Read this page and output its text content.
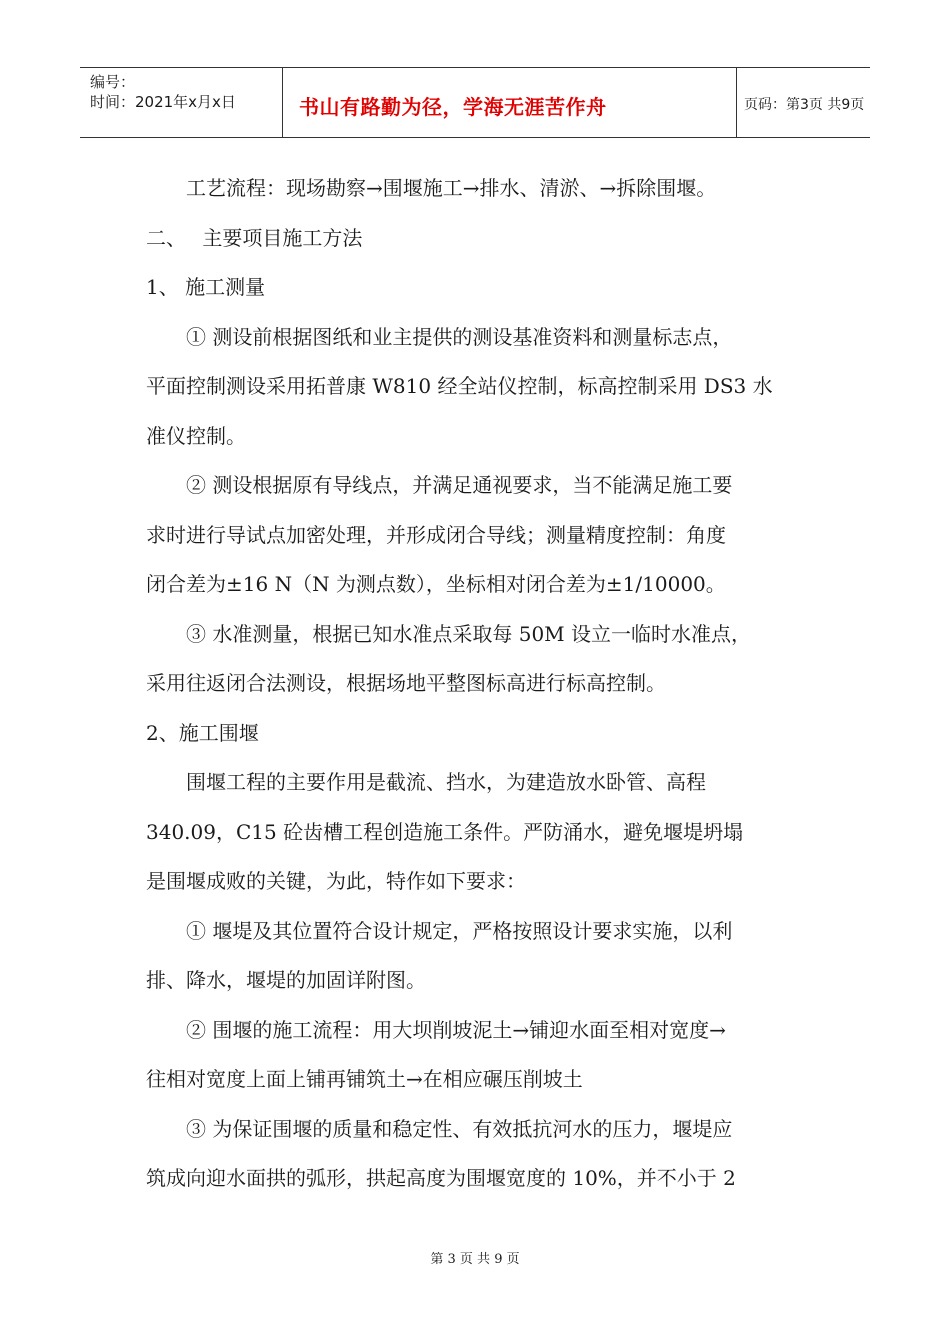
编号：
时间：2021年x月x日	书山有路勤为径，学海无涯苦作舟	页码：第3页 共9页
　　工艺流程：现场勘察→围堰施工→排水、清淤、→拆除围堰。
二、　 主要项目施工方法
1、 施工测量
　　① 测设前根据图纸和业主提供的测设基准资料和测量标志点，
平面控制测设采用拓普康 W810 经全站仪控制，标高控制采用 DS3 水
准仪控制。
　　② 测设根据原有导线点，并满足通视要求，当不能满足施工要
求时进行导试点加密处理，并形成闭合导线；测量精度控制：角度
闭合差为±16 N（N 为测点数），坐标相对闭合差为±1/10000。
　　③ 水准测量，根据已知水准点采取每 50M 设立一临时水准点，
采用往返闭合法测设，根据场地平整图标高进行标高控制。
2、施工围堰
　　围堰工程的主要作用是截流、挡水，为建造放水卧管、高程
340.09，C15 砼齿槽工程创造施工条件。严防涌水，避免堰堤坍塌
是围堰成败的关键，为此，特作如下要求：
　　① 堰堤及其位置符合设计规定，严格按照设计要求实施，以利
排、降水，堰堤的加固详附图。
　　② 围堰的施工流程：用大坝削坡泥土→铺迎水面至相对宽度→
往相对宽度上面上铺再铺筑土→在相应碾压削坡土
　　③ 为保证围堰的质量和稳定性、有效抵抗河水的压力，堰堤应
筑成向迎水面拱的弧形，拱起高度为围堰宽度的 10%，并不小于 2
第 3 页 共 9 页
